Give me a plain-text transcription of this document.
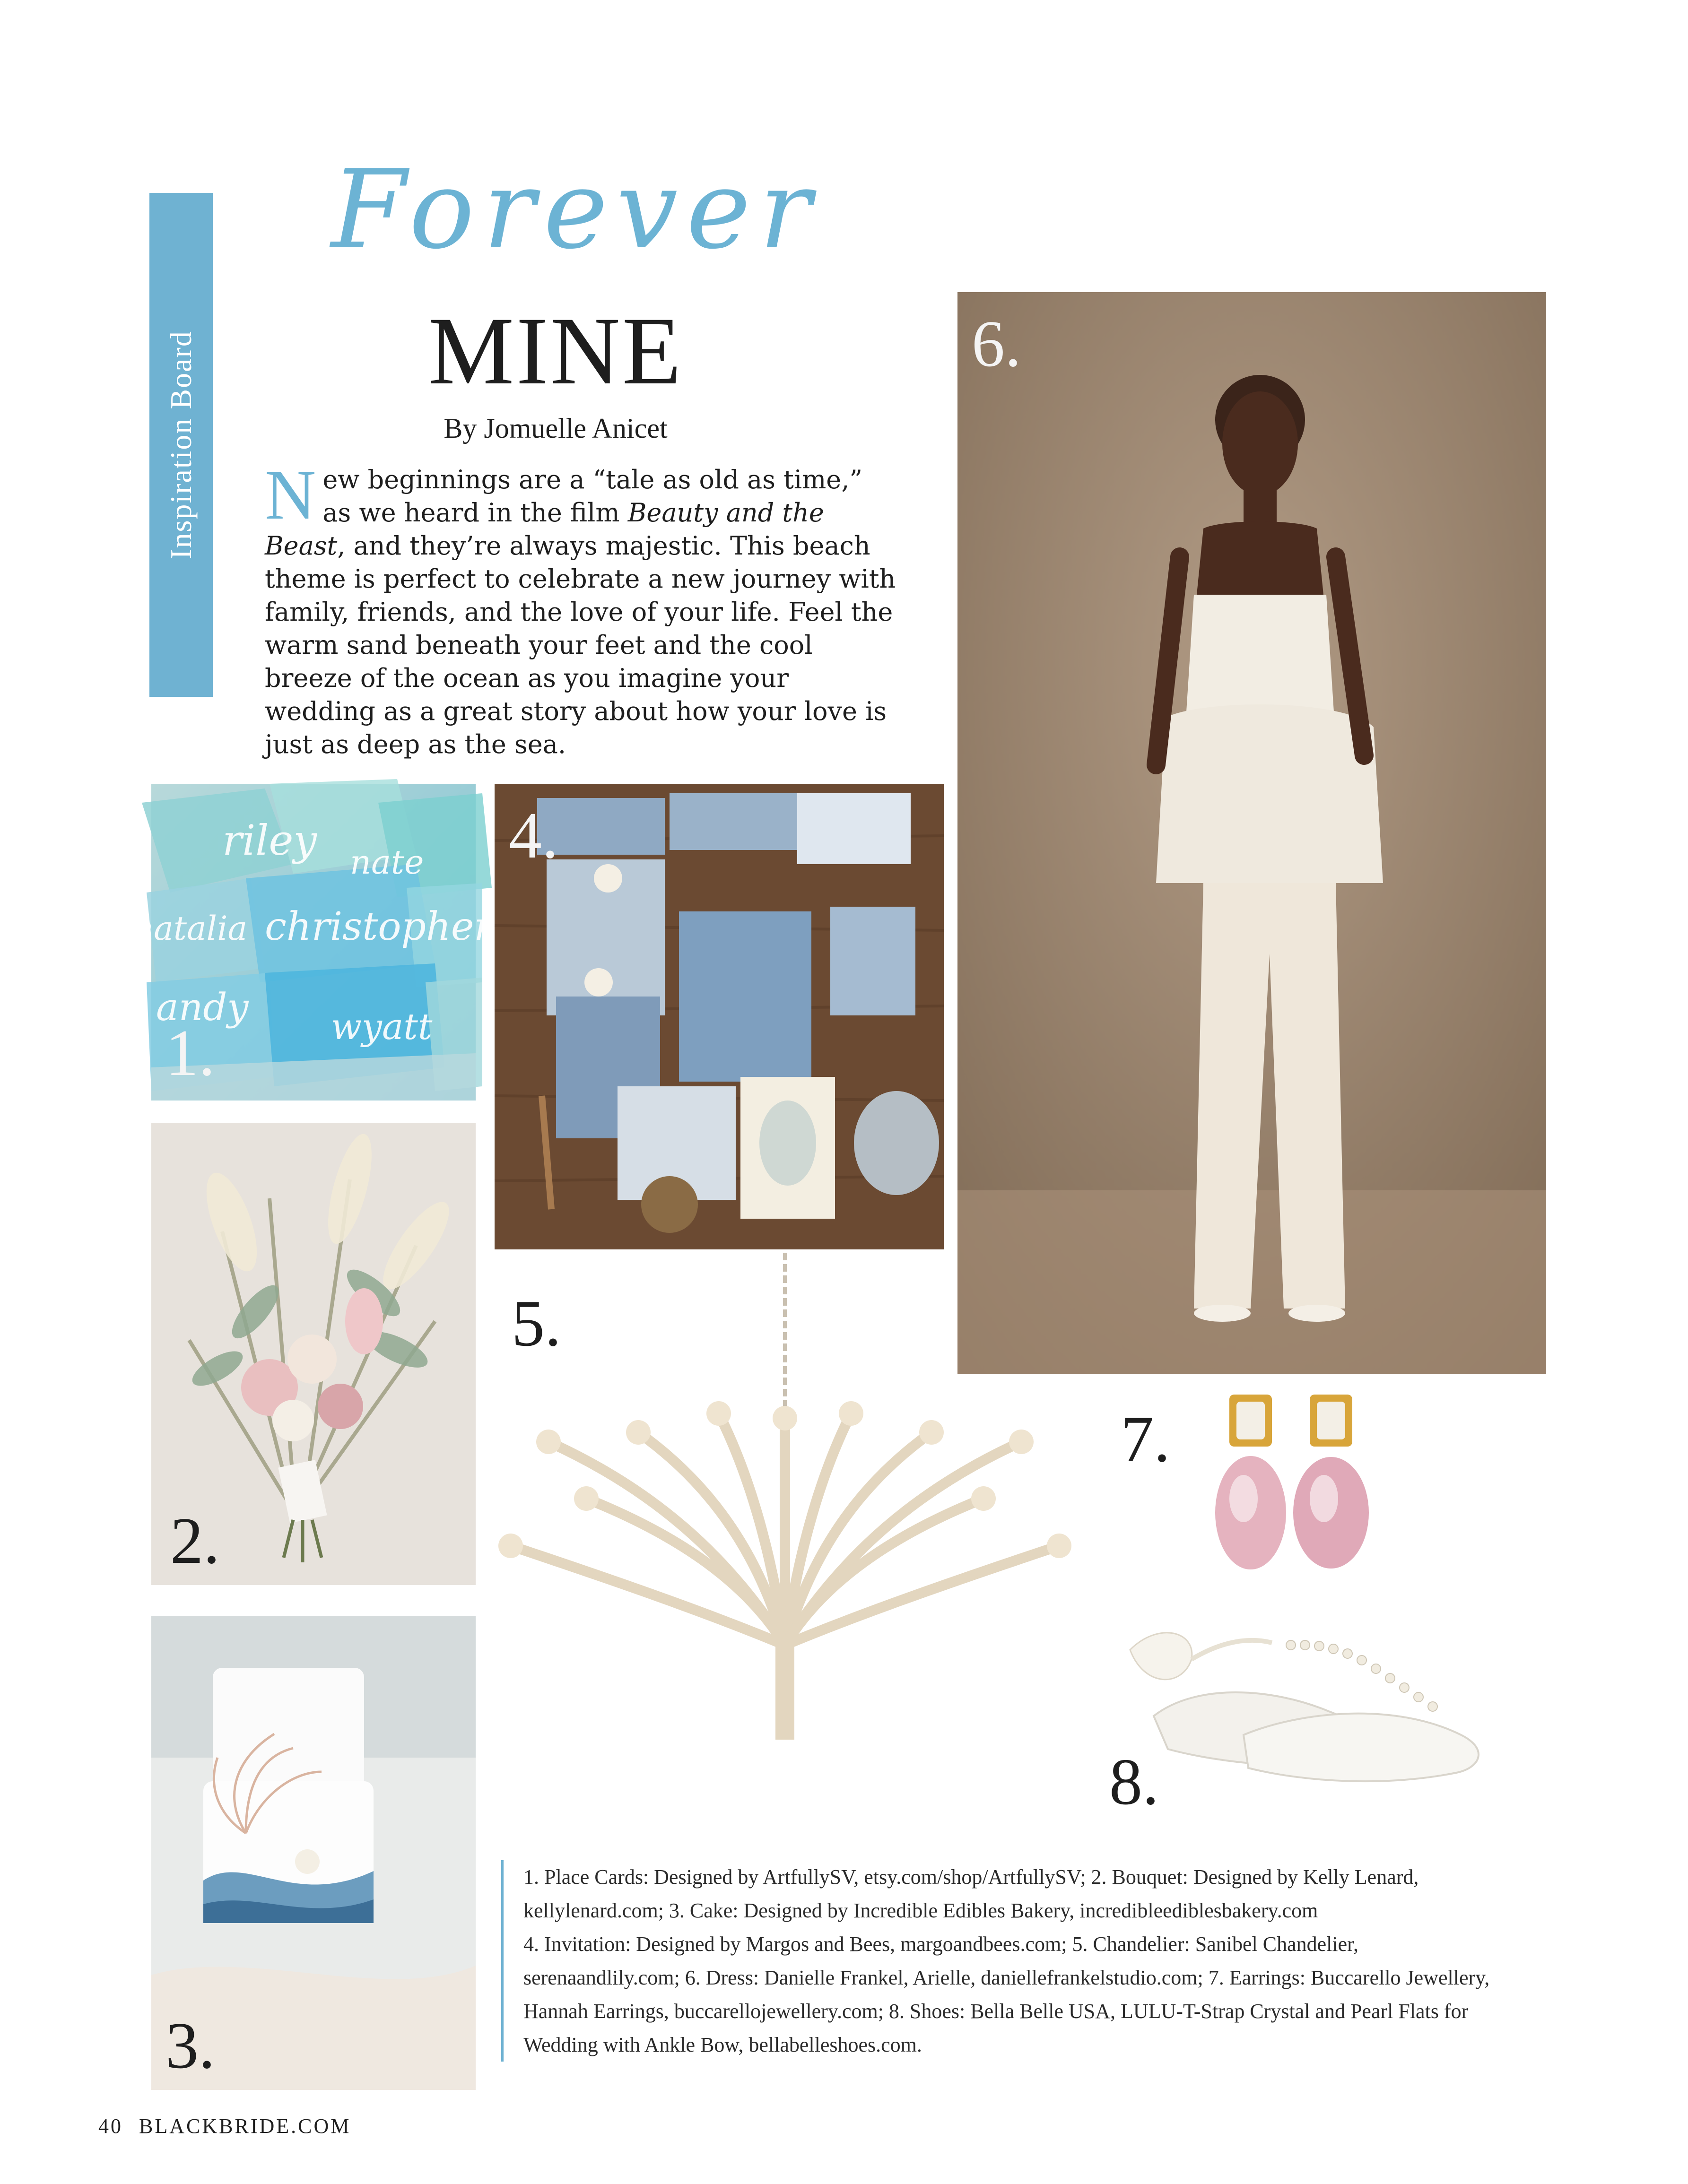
Inspiration Board
Forever
MINE
By Jomuelle Anicet
New beginnings are a “tale as old as time,” as we heard in the film Beauty and the Beast, and they’re always majestic. This beach theme is perfect to celebrate a new journey with family, friends, and the love of your life. Feel the warm sand beneath your feet and the cool breeze of the ocean as you imagine your wedding as a great story about how your love is just as deep as the sea.
riley nate
christopher
natalia
andy wyatt
1.
2.
3.
4.
5.
6.
7.
8.
1. Place Cards: Designed by ArtfullySV, etsy.com/shop/ArtfullySV; 2. Bouquet: Designed by Kelly Lenard, kellylenard.com; 3. Cake: Designed by Incredible Edibles Bakery, incredibleediblesbakery.com
4. Invitation: Designed by Margos and Bees, margoandbees.com; 5. Chandelier: Sanibel Chandelier, serenaandlily.com; 6. Dress: Danielle Frankel, Arielle, daniellefrankelstudio.com; 7. Earrings: Buccarello Jewellery, Hannah Earrings, buccarellojewellery.com; 8. Shoes: Bella Belle USA, LULU-T-Strap Crystal and Pearl Flats for Wedding with Ankle Bow, bellabelleshoes.com.
40 BLACKBRIDE.COM
